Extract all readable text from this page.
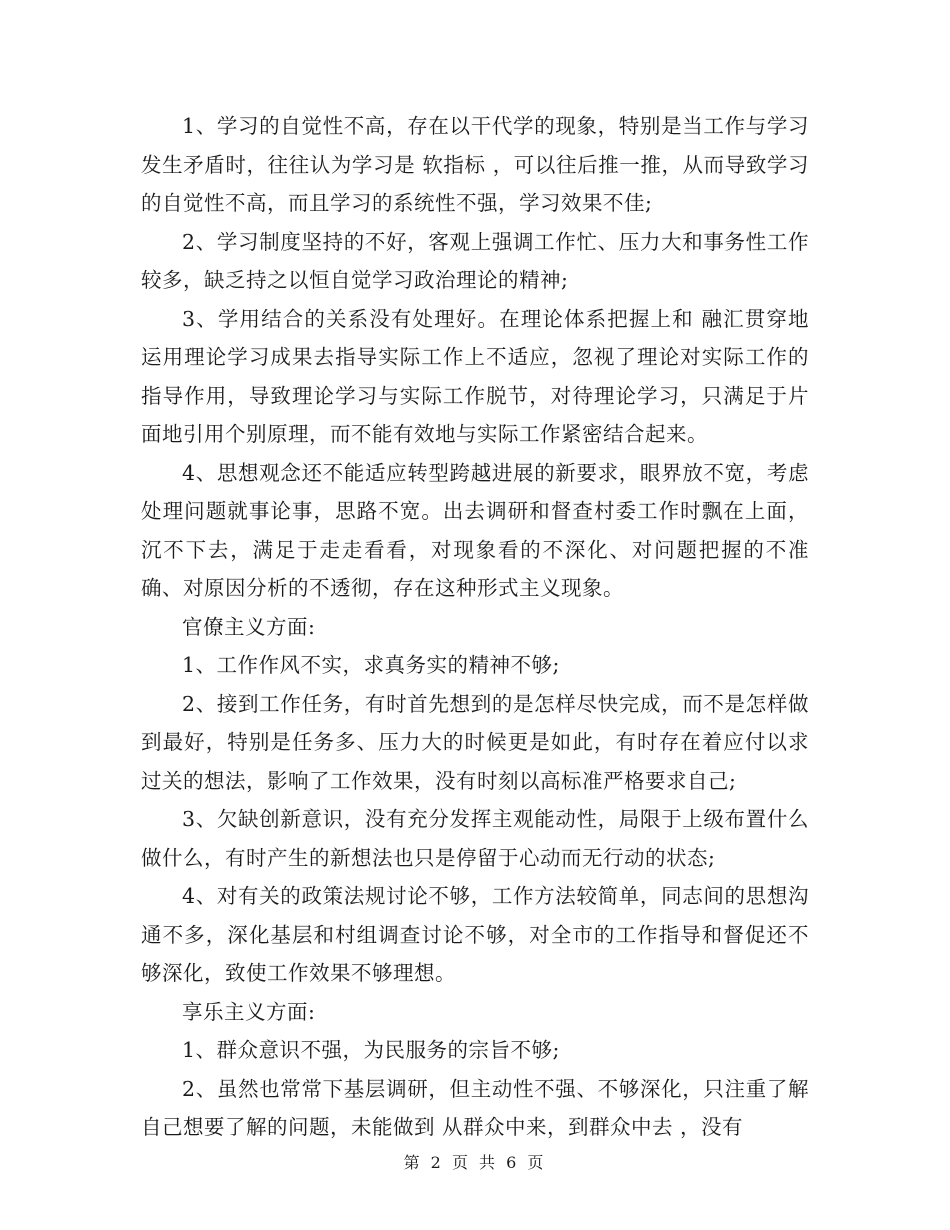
1、学习的自觉性不高，存在以干代学的现象，特别是当工作与学习发生矛盾时，往往认为学习是 软指标 ，可以往后推一推，从而导致学习的自觉性不高，而且学习的系统性不强，学习效果不佳;

2、学习制度坚持的不好，客观上强调工作忙、压力大和事务性工作较多，缺乏持之以恒自觉学习政治理论的精神;

3、学用结合的关系没有处理好。在理论体系把握上和 融汇贯穿地运用理论学习成果去指导实际工作上不适应，忽视了理论对实际工作的指导作用，导致理论学习与实际工作脱节，对待理论学习，只满足于片面地引用个别原理，而不能有效地与实际工作紧密结合起来。

4、思想观念还不能适应转型跨越进展的新要求，眼界放不宽，考虑处理问题就事论事，思路不宽。出去调研和督查村委工作时飘在上面，沉不下去，满足于走走看看，对现象看的不深化、对问题把握的不准确、对原因分析的不透彻，存在这种形式主义现象。

官僚主义方面:

1、工作作风不实，求真务实的精神不够;

2、接到工作任务，有时首先想到的是怎样尽快完成，而不是怎样做到最好，特别是任务多、压力大的时候更是如此，有时存在着应付以求过关的想法，影响了工作效果，没有时刻以高标准严格要求自己;

3、欠缺创新意识，没有充分发挥主观能动性，局限于上级布置什么做什么，有时产生的新想法也只是停留于心动而无行动的状态;

4、对有关的政策法规讨论不够，工作方法较简单，同志间的思想沟通不多，深化基层和村组调查讨论不够，对全市的工作指导和督促还不够深化，致使工作效果不够理想。

享乐主义方面:

1、群众意识不强，为民服务的宗旨不够;

2、虽然也常常下基层调研，但主动性不强、不够深化，只注重了解自己想要了解的问题，未能做到 从群众中来，到群众中去 ，没有

第 2 页 共 6 页
